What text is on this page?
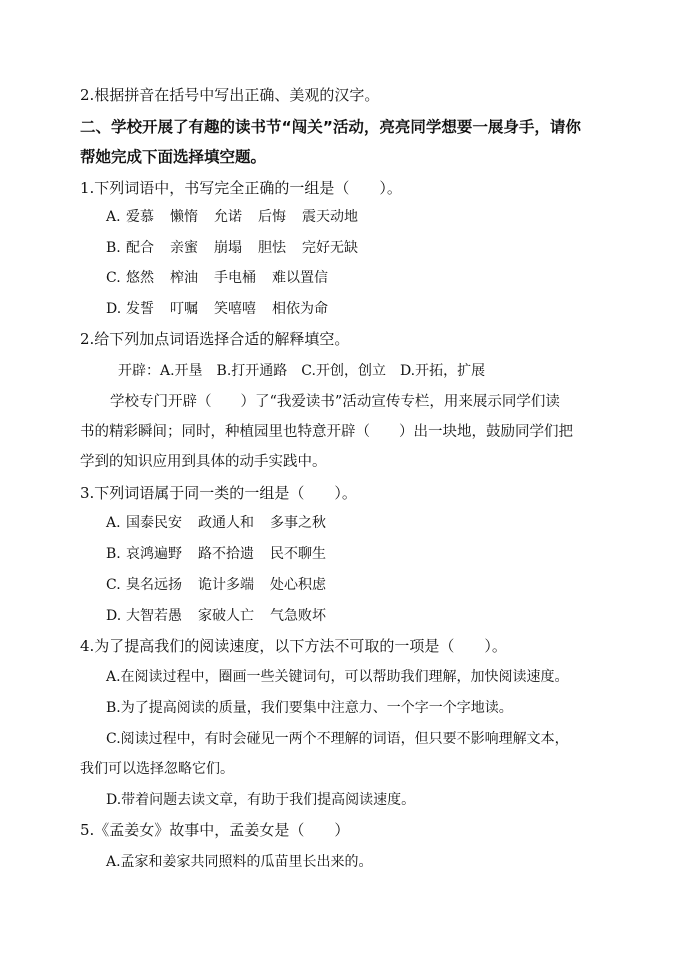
2.根据拼音在括号中写出正确、美观的汉字。
二、学校开展了有趣的读书节“闯关”活动，亮亮同学想要一展身手，请你
帮她完成下面选择填空题。
1.下列词语中，书写完全正确的一组是（　　）。
A. 爱慕 懒惰 允诺 后悔 震天动地
B. 配合 亲蜜 崩塌 胆怯 完好无缺
C. 悠然 榨油 手电桶 难以置信
D. 发誓 叮嘱 笑嘻嘻 相依为命
2.给下列加点词语选择合适的解释填空。
开辟：A.开垦　B.打开通路　C.开创，创立　D.开拓，扩展
学校专门开辟（　　）了“我爱读书”活动宣传专栏，用来展示同学们读
书的精彩瞬间；同时，种植园里也特意开辟（　　）出一块地，鼓励同学们把
学到的知识应用到具体的动手实践中。
3.下列词语属于同一类的一组是（　　）。
A. 国泰民安 政通人和 多事之秋
B. 哀鸿遍野 路不拾遗 民不聊生
C. 臭名远扬 诡计多端 处心积虑
D. 大智若愚 家破人亡 气急败坏
4.为了提高我们的阅读速度，以下方法不可取的一项是（　　）。
A.在阅读过程中，圈画一些关键词句，可以帮助我们理解，加快阅读速度。
B.为了提高阅读的质量，我们要集中注意力、一个字一个字地读。
C.阅读过程中，有时会碰见一两个不理解的词语，但只要不影响理解文本，
我们可以选择忽略它们。
D.带着问题去读文章，有助于我们提高阅读速度。
5.《孟姜女》故事中，孟姜女是（　　）
A.孟家和姜家共同照料的瓜苗里长出来的。
